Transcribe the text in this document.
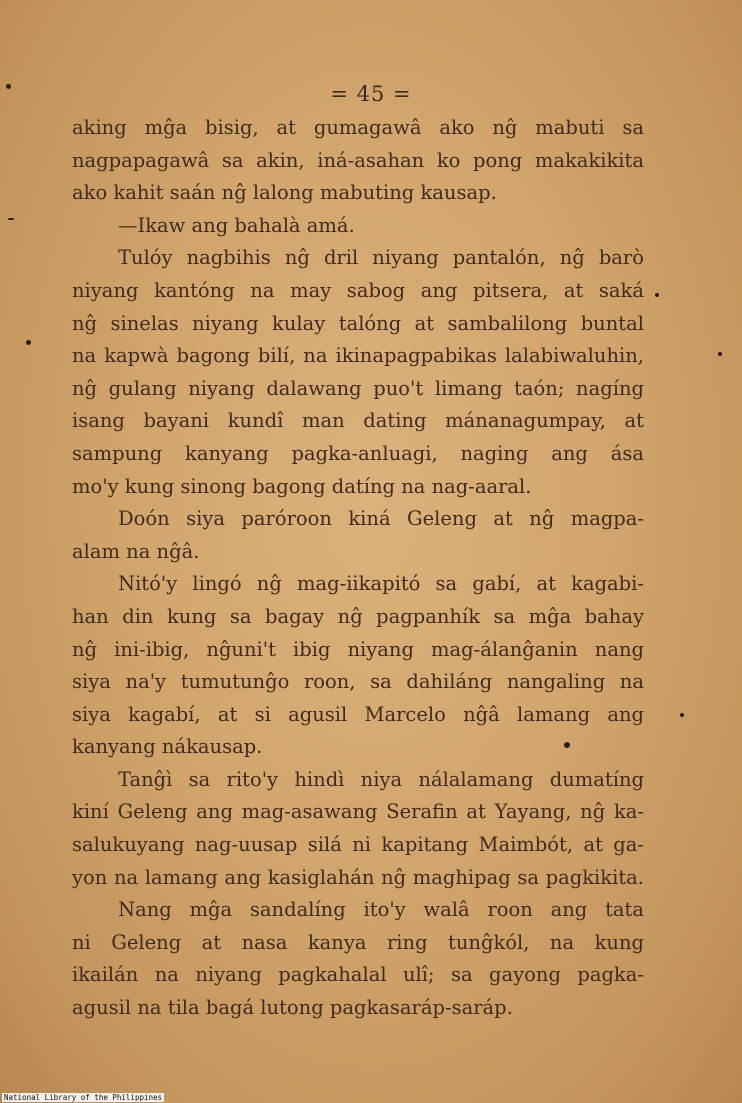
= 45 =
aking mĝa bisig, at gumagawâ ako nĝ mabuti sa
nagpapagawâ sa akin, iná-asahan ko pong makakikita
ako kahit saán nĝ lalong mabuting kausap.
—Ikaw ang bahalà amá.
Tulóy nagbihis nĝ dril niyang pantalón, nĝ barò
niyang kantóng na may sabog ang pitsera, at saká
nĝ sinelas niyang kulay talóng at sambalilong buntal
na kapwà bagong bilí, na ikinapagpabikas lalabiwaluhin,
nĝ gulang niyang dalawang puo't limang taón; nagíng
isang bayani kundî man dating mánanagumpay, at
sampung kanyang pagka-anluagi, naging ang ása
mo'y kung sinong bagong datíng na nag-aaral.
Doón siya paróroon kiná Geleng at nĝ magpa-
alam na nĝâ.
Nitó'y lingó nĝ mag-iikapitó sa gabí, at kagabi-
han din kung sa bagay nĝ pagpanhík sa mĝa bahay
nĝ ini-ibig, nĝuni't ibig niyang mag-álanĝanin nang
siya na'y tumutunĝo roon, sa dahiláng nangaling na
siya kagabí, at si agusil Marcelo nĝâ lamang ang
kanyang nákausap.
Tanĝì sa rito'y hindì niya nálalamang dumatíng
kiní Geleng ang mag-asawang Serafin at Yayang, nĝ ka-
salukuyang nag-uusap silá ni kapitang Maimbót, at ga-
yon na lamang ang kasiglahán nĝ maghipag sa pagkikita.
Nang mĝa sandalíng ito'y walâ roon ang tata
ni Geleng at nasa kanya ring tunĝkól, na kung
ikailán na niyang pagkahalal ulî; sa gayong pagka-
agusil na tila bagá lutong pagkasaráp-saráp.
National Library of the Philippines
